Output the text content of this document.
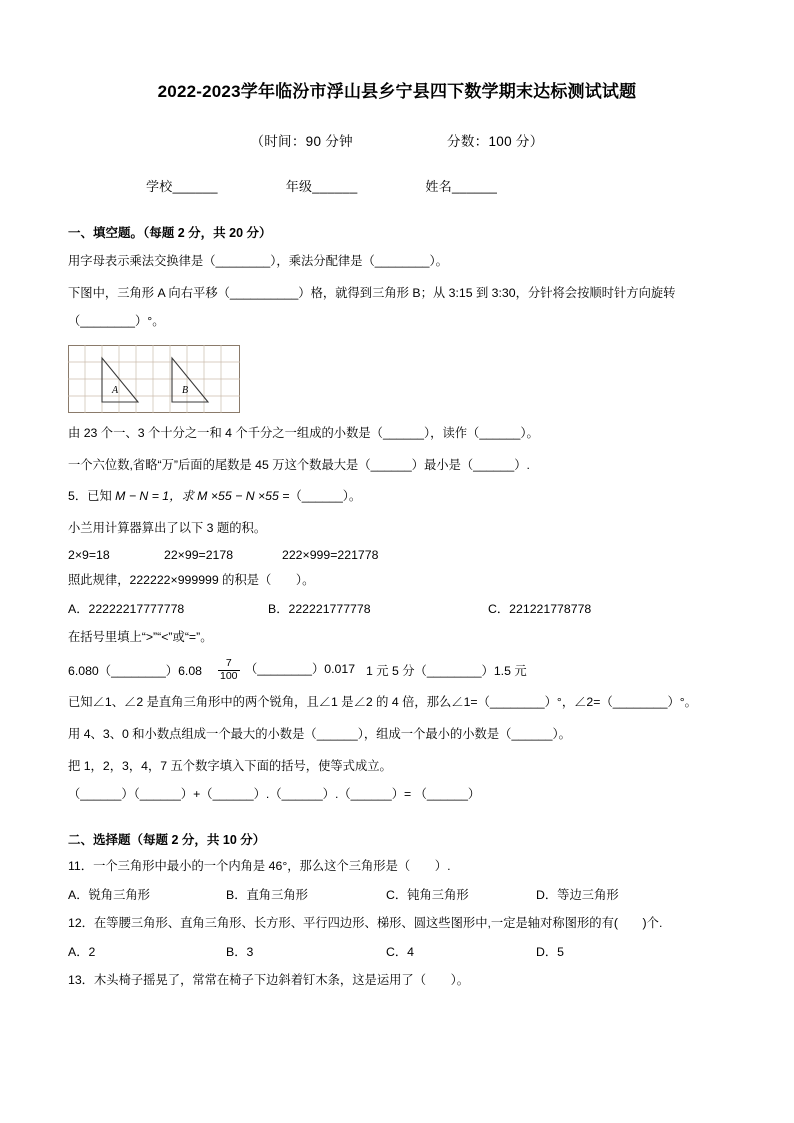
2022-2023学年临汾市浮山县乡宁县四下数学期末达标测试试题
（时间：90 分钟	分数：100 分）
学校______	年级______	姓名______
一、填空题。（每题 2 分，共 20 分）
用字母表示乘法交换律是（________），乘法分配律是（________）。
下图中，三角形 A 向右平移（__________）格，就得到三角形 B；从 3:15 到 3:30，分针将会按顺时针方向旋转
（________）°。
A	B
由 23 个一、3 个十分之一和 4 个千分之一组成的小数是（______），读作（______）。
一个六位数,省略“万”后面的尾数是 45 万这个数最大是（______）最小是（______）.
5．已知 M − N = 1，求 M ×55 − N ×55 =（______）。
小兰用计算器算出了以下 3 题的积。
2×9=18	22×99=2178	222×999=221778
照此规律，222222×999999 的积是（　　）。
A．22222217777778	B．222221777778	C．221221778778
在括号里填上“>”“<”或“=”。
6.080（________）6.08	$\frac{7}{100}$ （________）0.017 1 元 5 分（________）1.5 元
已知∠1、∠2 是直角三角形中的两个锐角，且∠1 是∠2 的 4 倍，那么∠1=（________）°，∠2=（________）°。
用 4、3、0 和小数点组成一个最大的小数是（______），组成一个最小的小数是（______）。
把 1，2，3，4，7 五个数字填入下面的括号，使等式成立。
（______）（______）+（______）.（______）.（______）= （______）
二、选择题（每题 2 分，共 10 分）
11．一个三角形中最小的一个内角是 46°，那么这个三角形是（　　）.
A．锐角三角形	B．直角三角形	C．钝角三角形	D．等边三角形
12．在等腰三角形、直角三角形、长方形、平行四边形、梯形、圆这些图形中,一定是轴对称图形的有(　　)个.
A．2	B．3	C．4	D．5
13．木头椅子摇晃了，常常在椅子下边斜着钉木条，这是运用了（　　）。
